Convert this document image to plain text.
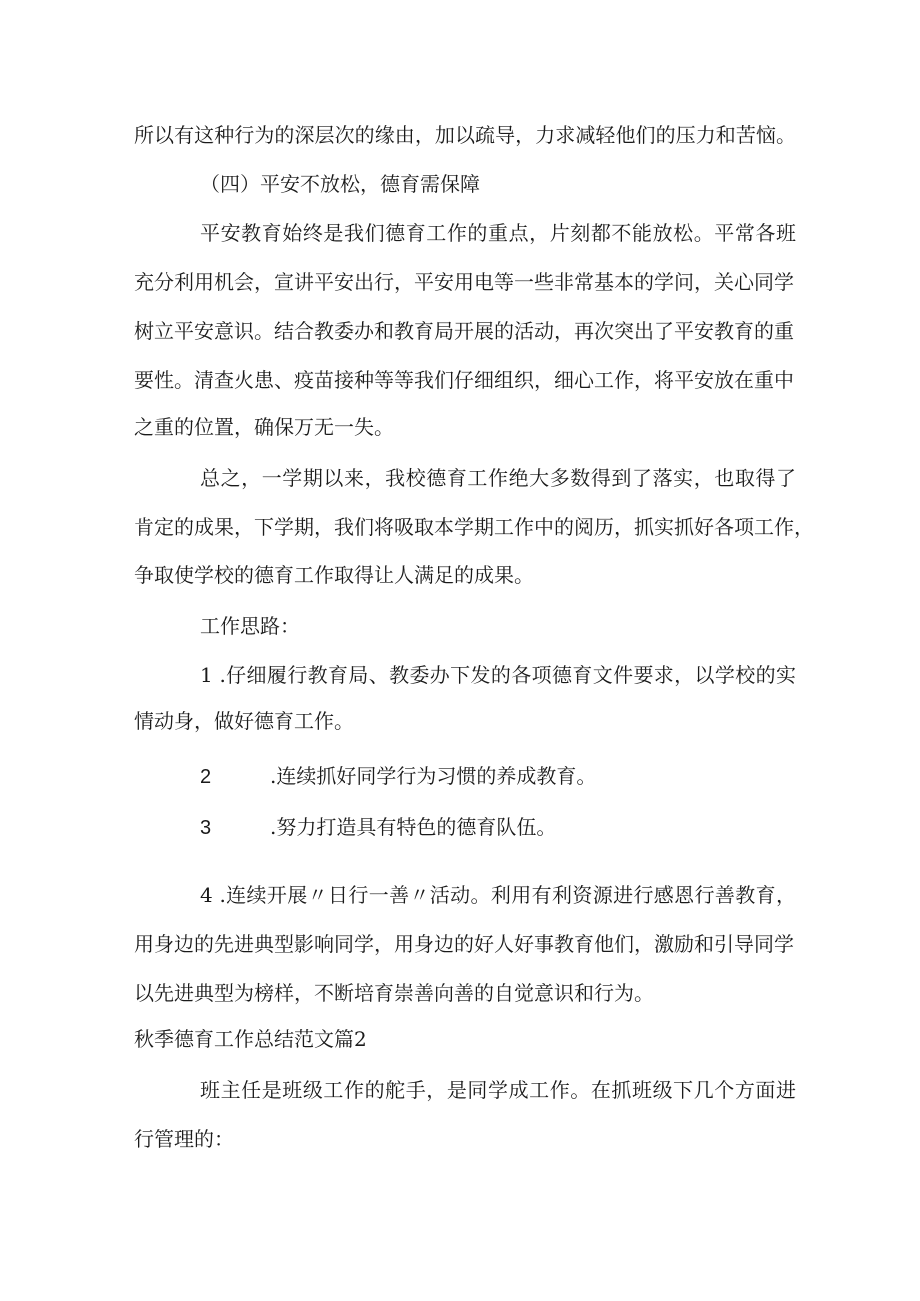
所以有这种行为的深层次的缘由，加以疏导，力求减轻他们的压力和苦恼。
（四）平安不放松，德育需保障
平安教育始终是我们德育工作的重点，片刻都不能放松。平常各班
充分利用机会，宣讲平安出行，平安用电等一些非常基本的学问，关心同学
树立平安意识。结合教委办和教育局开展的活动，再次突出了平安教育的重
要性。清查火患、疫苗接种等等我们仔细组织，细心工作，将平安放在重中
之重的位置，确保万无一失。
总之，一学期以来，我校德育工作绝大多数得到了落实，也取得了
肯定的成果，下学期，我们将吸取本学期工作中的阅历，抓实抓好各项工作，
争取使学校的德育工作取得让人满足的成果。
工作思路：
1 .仔细履行教育局、教委办下发的各项德育文件要求，以学校的实
情动身，做好德育工作。
2	.连续抓好同学行为习惯的养成教育。
3	.努力打造具有特色的德育队伍。
4 .连续开展〃日行一善〃活动。利用有利资源进行感恩行善教育，
用身边的先进典型影响同学，用身边的好人好事教育他们，激励和引导同学
以先进典型为榜样，不断培育崇善向善的自觉意识和行为。
秋季德育工作总结范文篇2
班主任是班级工作的舵手，是同学成工作。在抓班级下几个方面进
行管理的：
